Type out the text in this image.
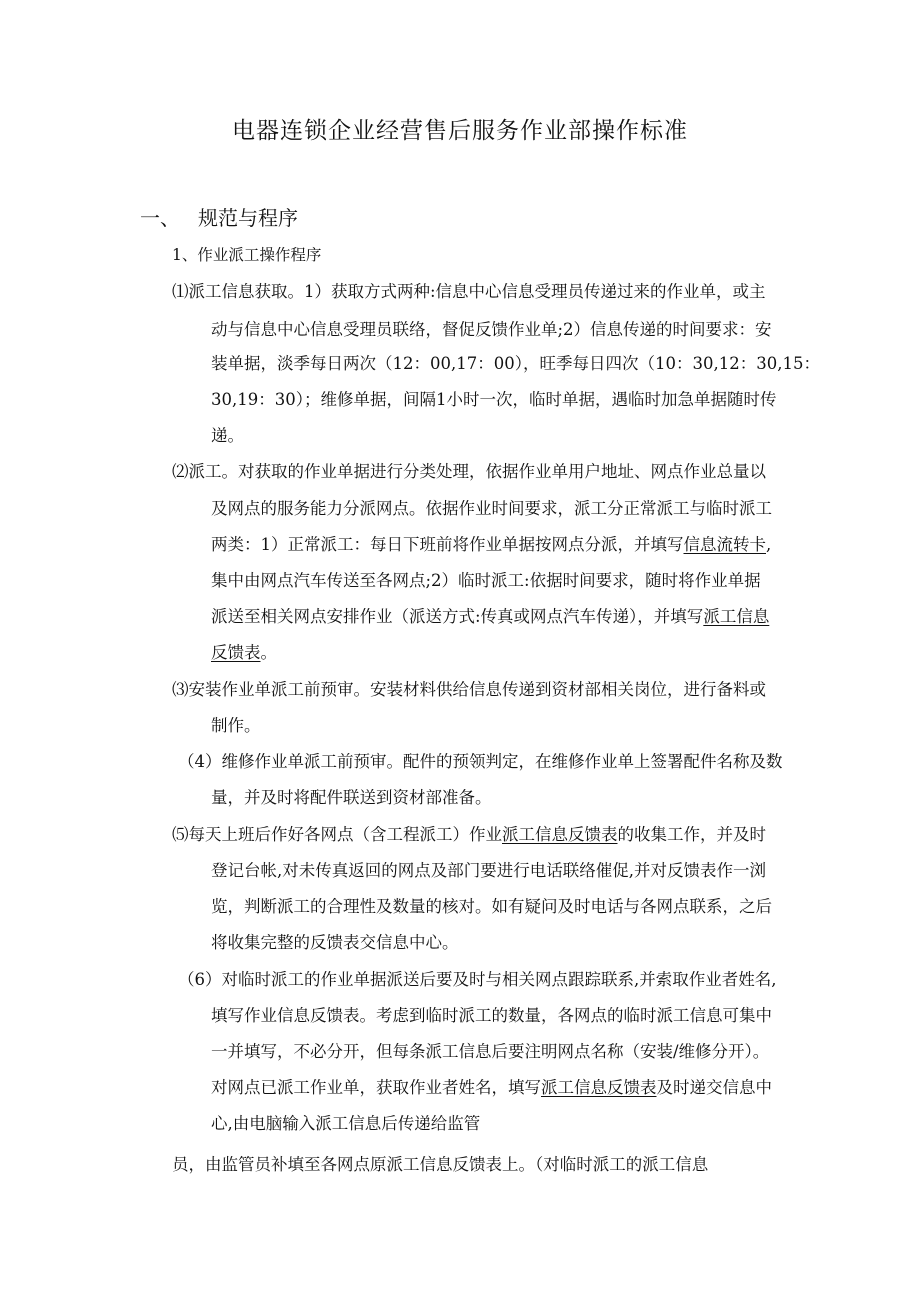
电器连锁企业经营售后服务作业部操作标准
一、 规范与程序
1、作业派工操作程序
⑴派工信息获取。1）获取方式两种:信息中心信息受理员传递过来的作业单，或主
动与信息中心信息受理员联络，督促反馈作业单;2）信息传递的时间要求：安
装单据，淡季每日两次（12：00,17：00），旺季每日四次（10：30,12：30,15：
30,19：30）；维修单据，间隔1小时一次，临时单据，遇临时加急单据随时传
递。
⑵派工。对获取的作业单据进行分类处理，依据作业单用户地址、网点作业总量以
及网点的服务能力分派网点。依据作业时间要求，派工分正常派工与临时派工
两类：1）正常派工：每日下班前将作业单据按网点分派，并填写信息流转卡,
集中由网点汽车传送至各网点;2）临时派工:依据时间要求，随时将作业单据
派送至相关网点安排作业（派送方式:传真或网点汽车传递），并填写派工信息
反馈表。
⑶安装作业单派工前预审。安装材料供给信息传递到资材部相关岗位，进行备料或
制作。
（4）维修作业单派工前预审。配件的预领判定，在维修作业单上签署配件名称及数
量，并及时将配件联送到资材部准备。
⑸每天上班后作好各网点（含工程派工）作业派工信息反馈表的收集工作，并及时
登记台帐,对未传真返回的网点及部门要进行电话联络催促,并对反馈表作一浏
览，判断派工的合理性及数量的核对。如有疑问及时电话与各网点联系，之后
将收集完整的反馈表交信息中心。
（6）对临时派工的作业单据派送后要及时与相关网点跟踪联系,并索取作业者姓名,
填写作业信息反馈表。考虑到临时派工的数量，各网点的临时派工信息可集中
一并填写，不必分开，但每条派工信息后要注明网点名称（安装/维修分开）。
对网点已派工作业单，获取作业者姓名，填写派工信息反馈表及时递交信息中
心,由电脑输入派工信息后传递给监管
员，由监管员补填至各网点原派工信息反馈表上。（对临时派工的派工信息
